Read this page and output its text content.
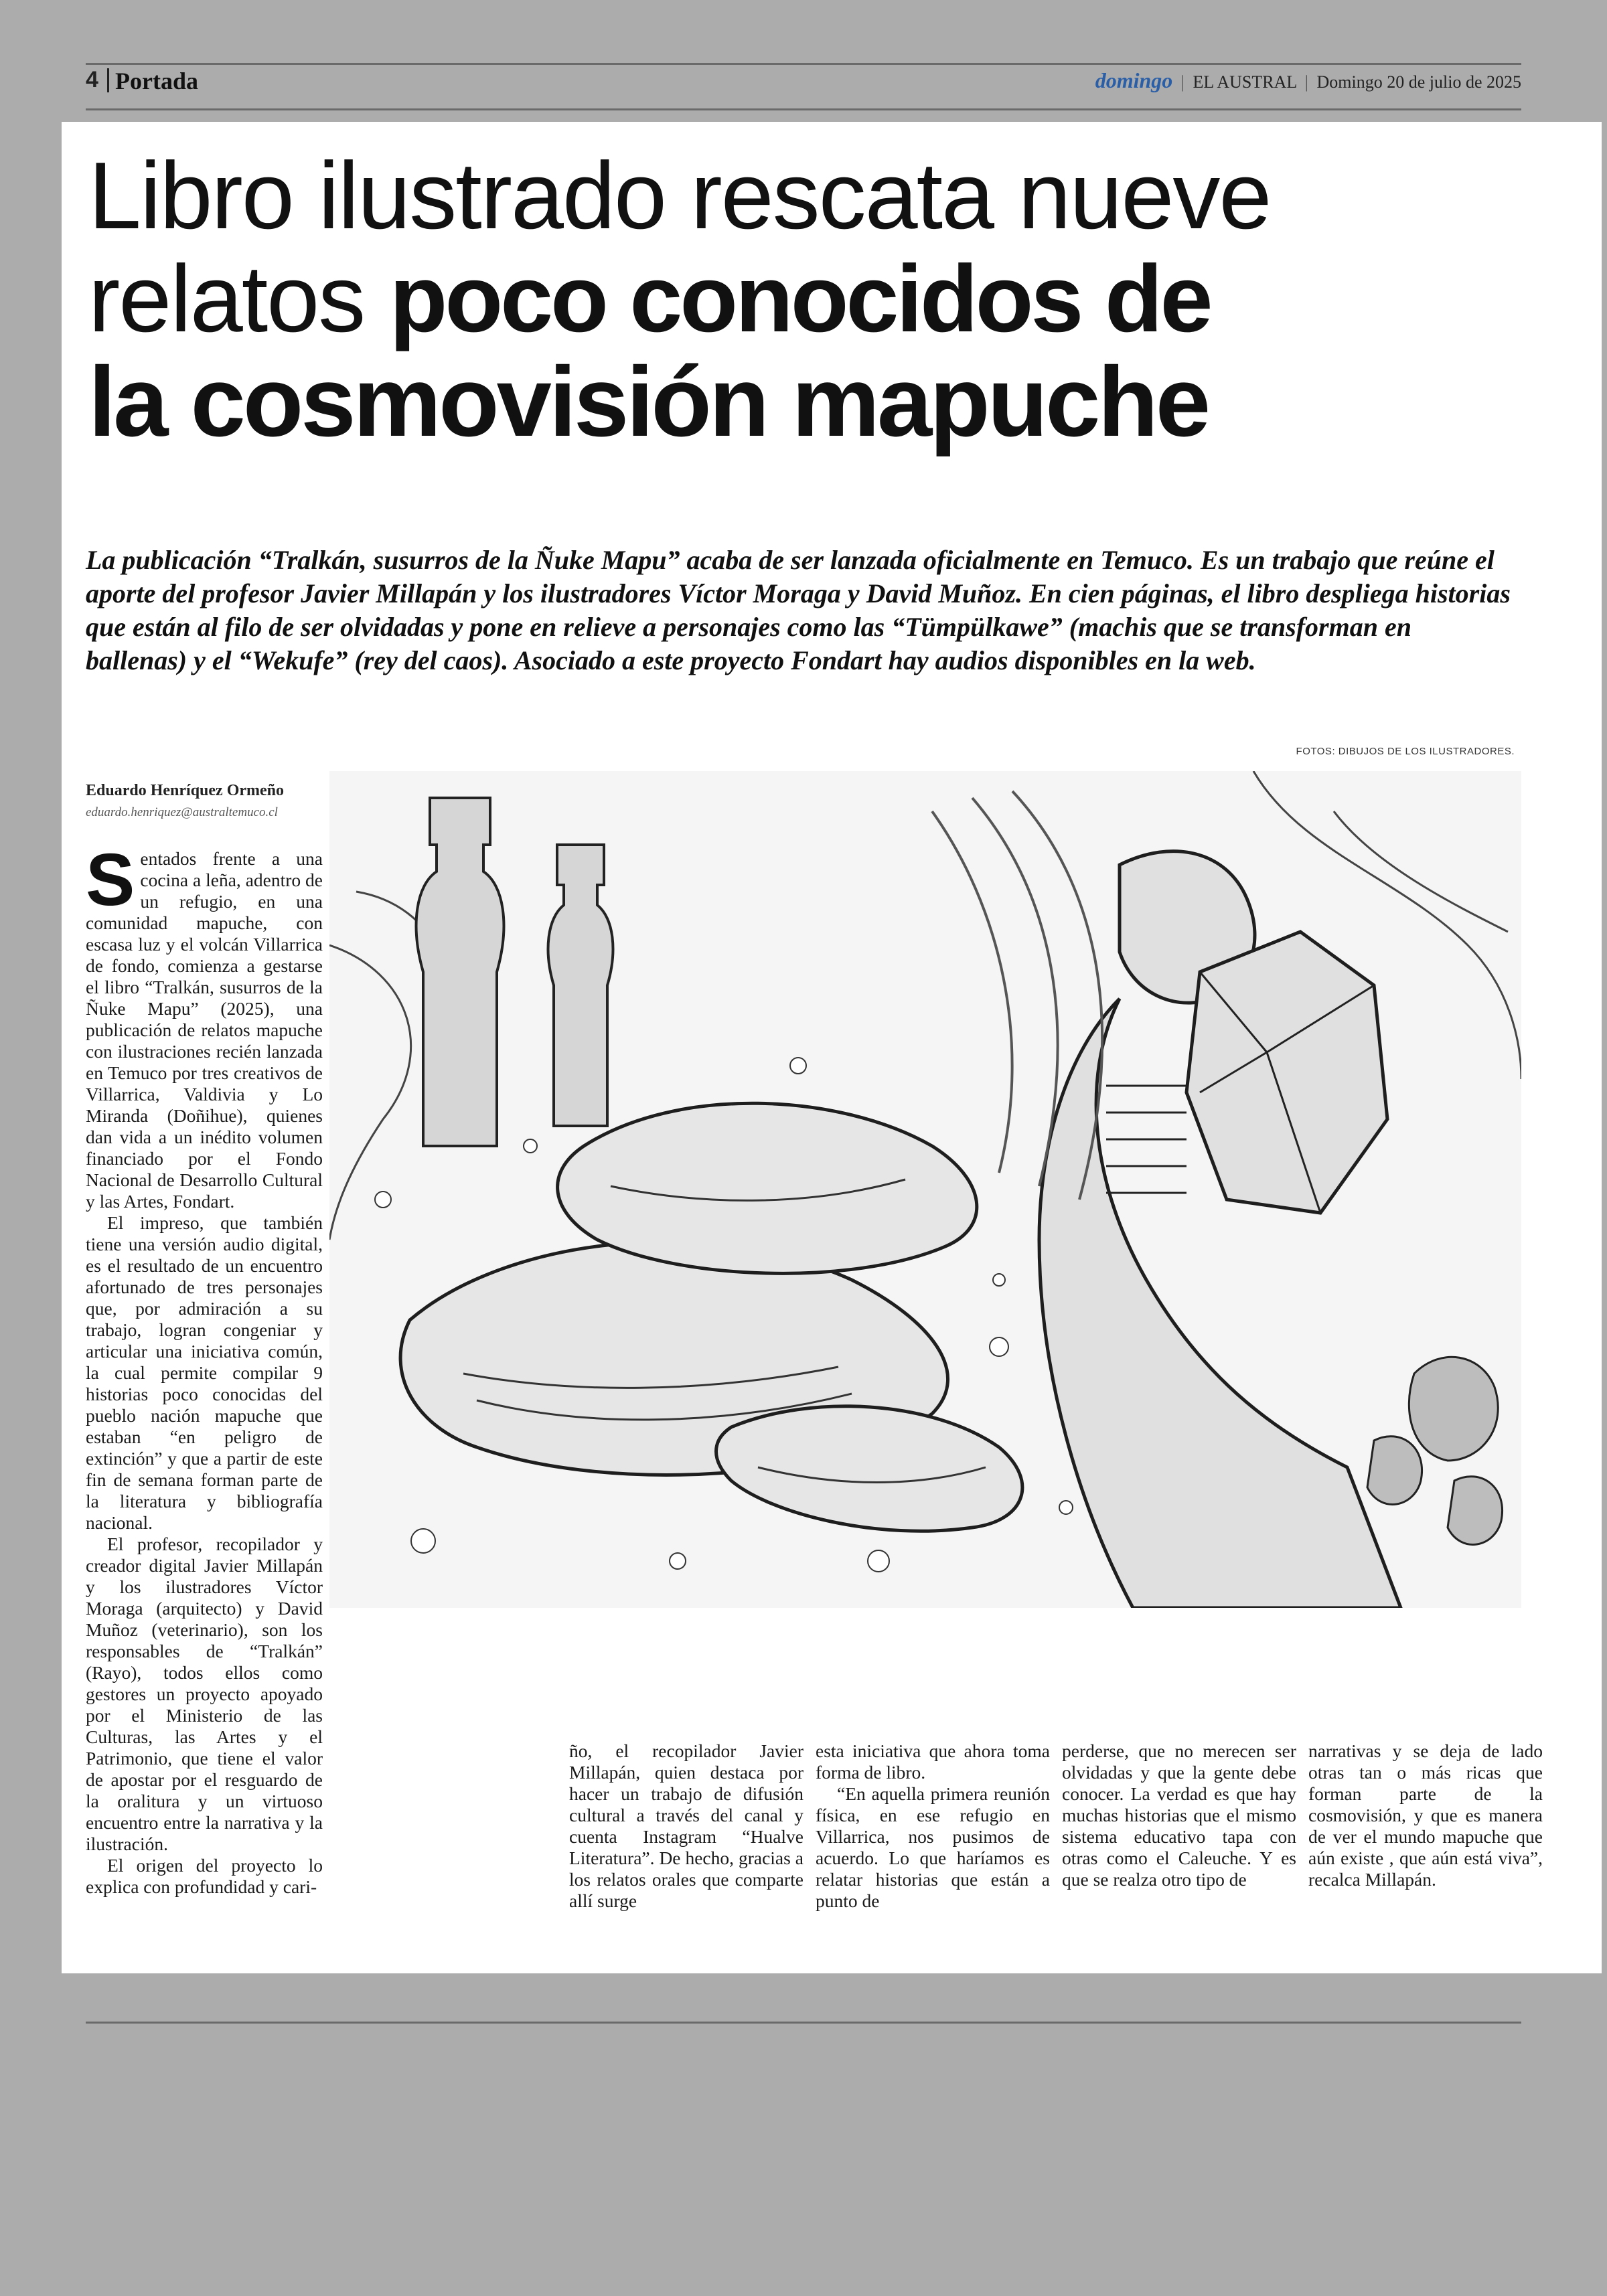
4 Portada	domingo | EL AUSTRAL | Domingo 20 de julio de 2025
Libro ilustrado rescata nueve
relatos poco conocidos de
la cosmovisión mapuche
La publicación “Tralkán, susurros de la Ñuke Mapu” acaba de ser lanzada oficialmente en Temuco. Es un trabajo que reúne el aporte del profesor Javier Millapán y los ilustradores Víctor Moraga y David Muñoz. En cien páginas, el libro despliega historias que están al filo de ser olvidadas y pone en relieve a personajes como las “Tümpülkawe” (machis que se transforman en ballenas) y el “Wekufe” (rey del caos). Asociado a este proyecto Fondart hay audios disponibles en la web.
FOTOS: DIBUJOS DE LOS ILUSTRADORES.
Eduardo Henríquez Ormeño
eduardo.henriquez@australtemuco.cl

Sentados frente a una cocina a leña, adentro de un refugio, en una comunidad mapuche, con escasa luz y el volcán Villarrica de fondo, comienza a gestarse el libro “Tralkán, susurros de la Ñuke Mapu” (2025), una publicación de relatos mapuche con ilustraciones recién lanzada en Temuco por tres creativos de Villarrica, Valdivia y Lo Miranda (Doñihue), quienes dan vida a un inédito volumen financiado por el Fondo Nacional de Desarrollo Cultural y las Artes, Fondart.

El impreso, que también tiene una versión audio digital, es el resultado de un encuentro afortunado de tres personajes que, por admiración a su trabajo, logran congeniar y articular una iniciativa común, la cual permite compilar 9 historias poco conocidas del pueblo nación mapuche que estaban “en peligro de extinción” y que a partir de este fin de semana forman parte de la literatura y bibliografía nacional.

El profesor, recopilador y creador digital Javier Millapán y los ilustradores Víctor Moraga (arquitecto) y David Muñoz (veterinario), son los responsables de “Tralkán” (Rayo), todos ellos como gestores un proyecto apoyado por el Ministerio de las Culturas, las Artes y el Patrimonio, que tiene el valor de apostar por el resguardo de la oralitura y un virtuoso encuentro entre la narrativa y la ilustración.

El origen del proyecto lo explica con profundidad y cari-

ño, el recopilador Javier Millapán, quien destaca por hacer un trabajo de difusión cultural a través del canal y cuenta Instagram “Hualve Literatura”. De hecho, gracias a los relatos orales que comparte allí surge

esta iniciativa que ahora toma forma de libro.

“En aquella primera reunión física, en ese refugio en Villarrica, nos pusimos de acuerdo. Lo que haríamos es relatar historias que están a punto de

perderse, que no merecen ser olvidadas y que la gente debe conocer. La verdad es que hay muchas historias que el mismo sistema educativo tapa con otras como el Caleuche. Y es que se realza otro tipo de

narrativas y se deja de lado otras tan o más ricas que forman parte de la cosmovisión, y que es manera de ver el mundo mapuche que aún existe , que aún está viva”, recalca Millapán.
